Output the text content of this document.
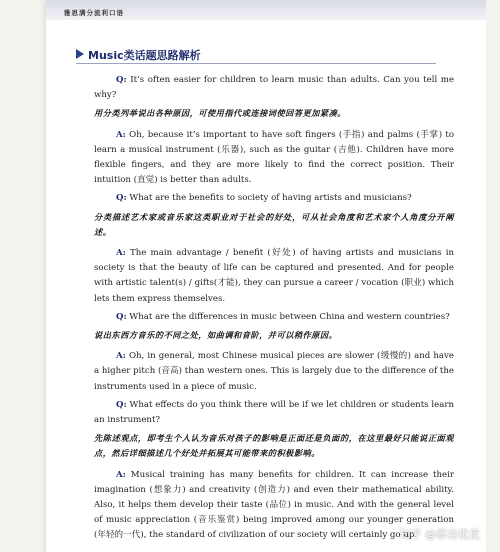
雅思满分流利口语
Music类话题思路解析

Q: It’s often easier for children to learn music than adults. Can you tell me why?

用分类列举说出各种原因，可使用指代或连接词使回答更加紧凑。

A: Oh, because it’s important to have soft fingers (手指) and palms (手掌) to learn a musical instrument (乐器), such as the guitar (吉他). Children have more flexible fingers, and they are more likely to find the correct position. Their intuition (直觉) is better than adults.

Q: What are the benefits to society of having artists and musicians?

分类描述艺术家或音乐家这类职业对于社会的好处，可从社会角度和艺术家个人角度分开阐述。

A: The main advantage / benefit (好处) of having artists and musicians in society is that the beauty of life can be captured and presented. And for people with artistic talent(s) / gifts(才能), they can pursue a career / vocation (职业) which lets them express themselves.

Q: What are the differences in music between China and western countries?

说出东西方音乐的不同之处，如曲调和音阶，并可以稍作原因。

A: Oh, in general, most Chinese musical pieces are slower (缓慢的) and have a higher pitch (音高) than western ones. This is largely due to the difference of the instruments used in a piece of music.

Q: What effects do you think there will be if we let children or students learn an instrument?

先陈述观点，即考生个人认为音乐对孩子的影响是正面还是负面的，在这里最好只能说正面观点，然后详细描述几个好处并拓展其可能带来的积极影响。

A: Musical training has many benefits for children. It can increase their imagination (想象力) and creativity (创造力) and even their mathematical ability. Also, it helps them develop their taste (品位) in music. And with the general level of music appreciation (音乐鉴赏) being improved among our younger generation (年轻的一代), the standard of civilization of our society will certainly go up.

知乎 @慕容优优
